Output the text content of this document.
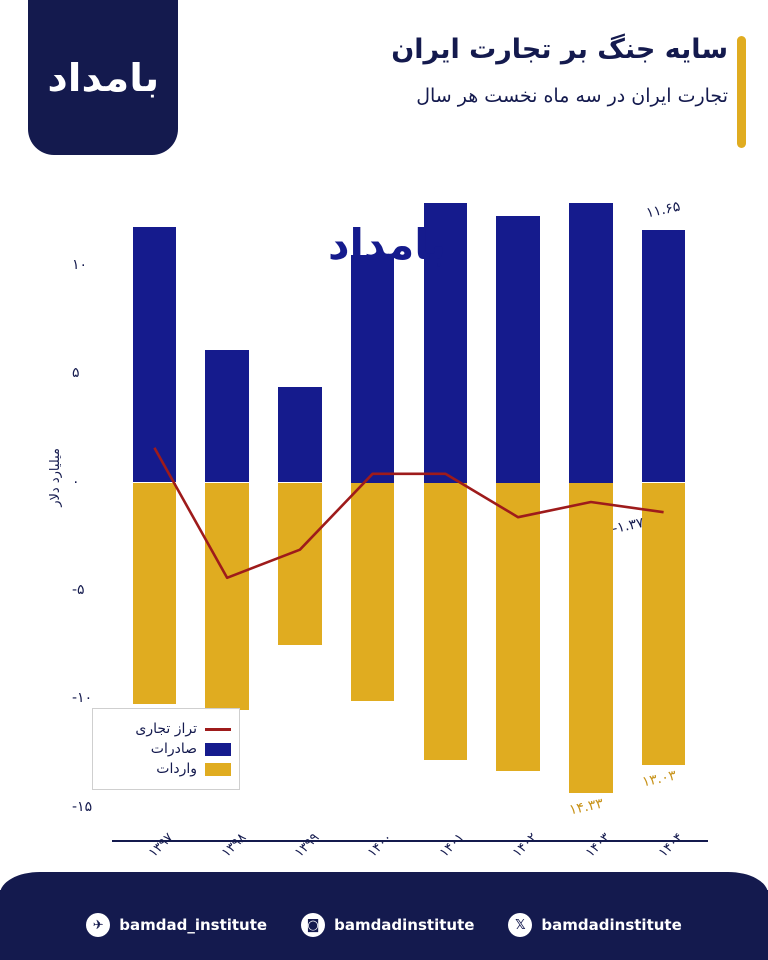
بامداد
سایه جنگ بر تجارت ایران
تجارت ایران در سه ماه نخست هر سال
میلیارد دلار
۱۰
۵
۰
-۵
-۱۰
-۱۵
بامداد
۱۱.۶۵
۱۳.۰۳
۱۴.۳۳
-۱.۳۷
۱۳۹۷	۱۳۹۸	۱۳۹۹	۱۴۰۰	۱۴۰۱	۱۴۰۲	۱۴۰۳	۱۴۰۴
تراز تجاری
صادرات
واردات
𝕏	bamdadinstitute
◙ bamdadinstitute
✈	bamdad_institute
